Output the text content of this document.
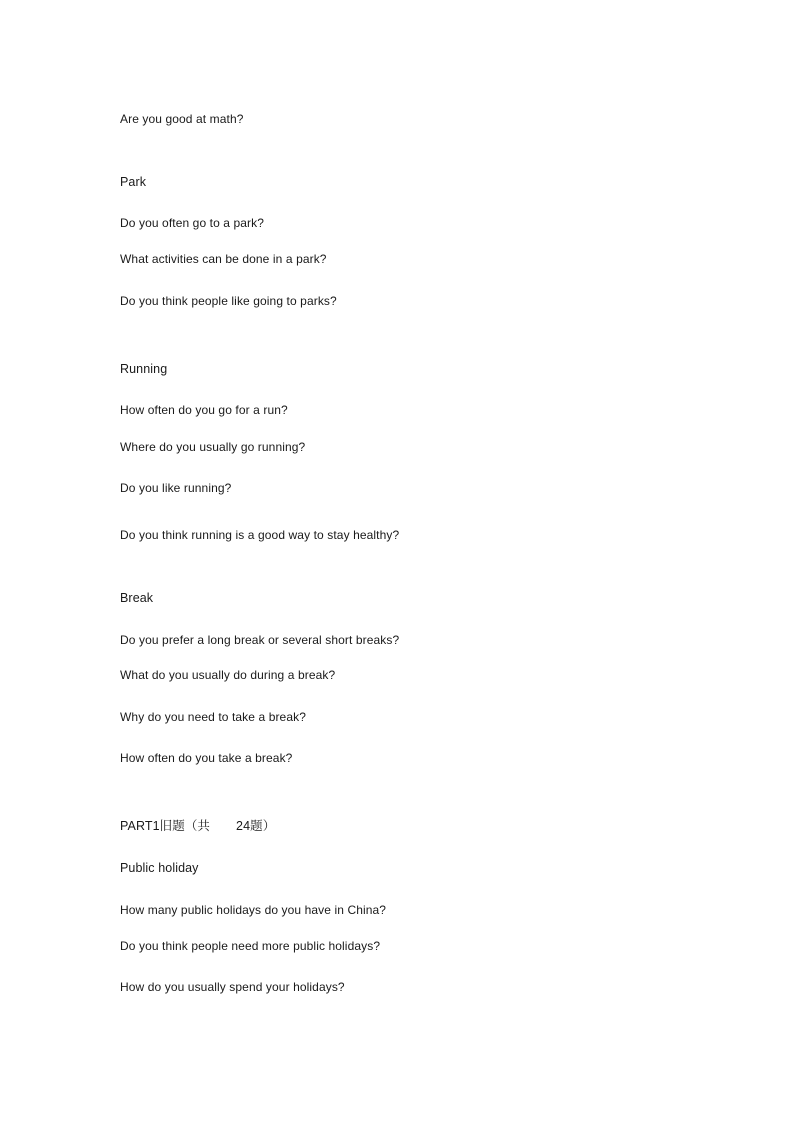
Are you good at math?
Park
Do you often go to a park?
What activities can be done in a park?
Do you think people like going to parks?
Running
How often do you go for a run?
Where do you usually go running?
Do you like running?
Do you think running is a good way to stay healthy?
Break
Do you prefer a long break or several short breaks?
What do you usually do during a break?
Why do you need to take a break?
How often do you take a break?
PART1旧题（共 24题）
Public holiday
How many public holidays do you have in China?
Do you think people need more public holidays?
How do you usually spend your holidays?
